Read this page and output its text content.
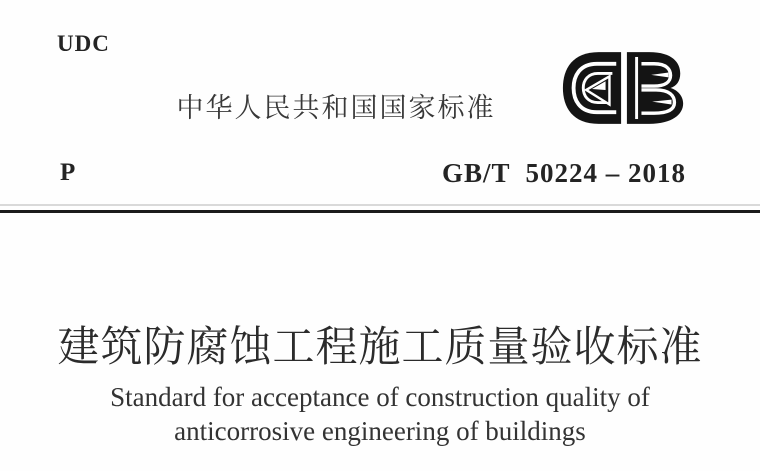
UDC
中华人民共和国国家标准
P	GB/T  50224 – 2018
建筑防腐蚀工程施工质量验收标准
Standard for acceptance of construction quality of
anticorrosive engineering of buildings
